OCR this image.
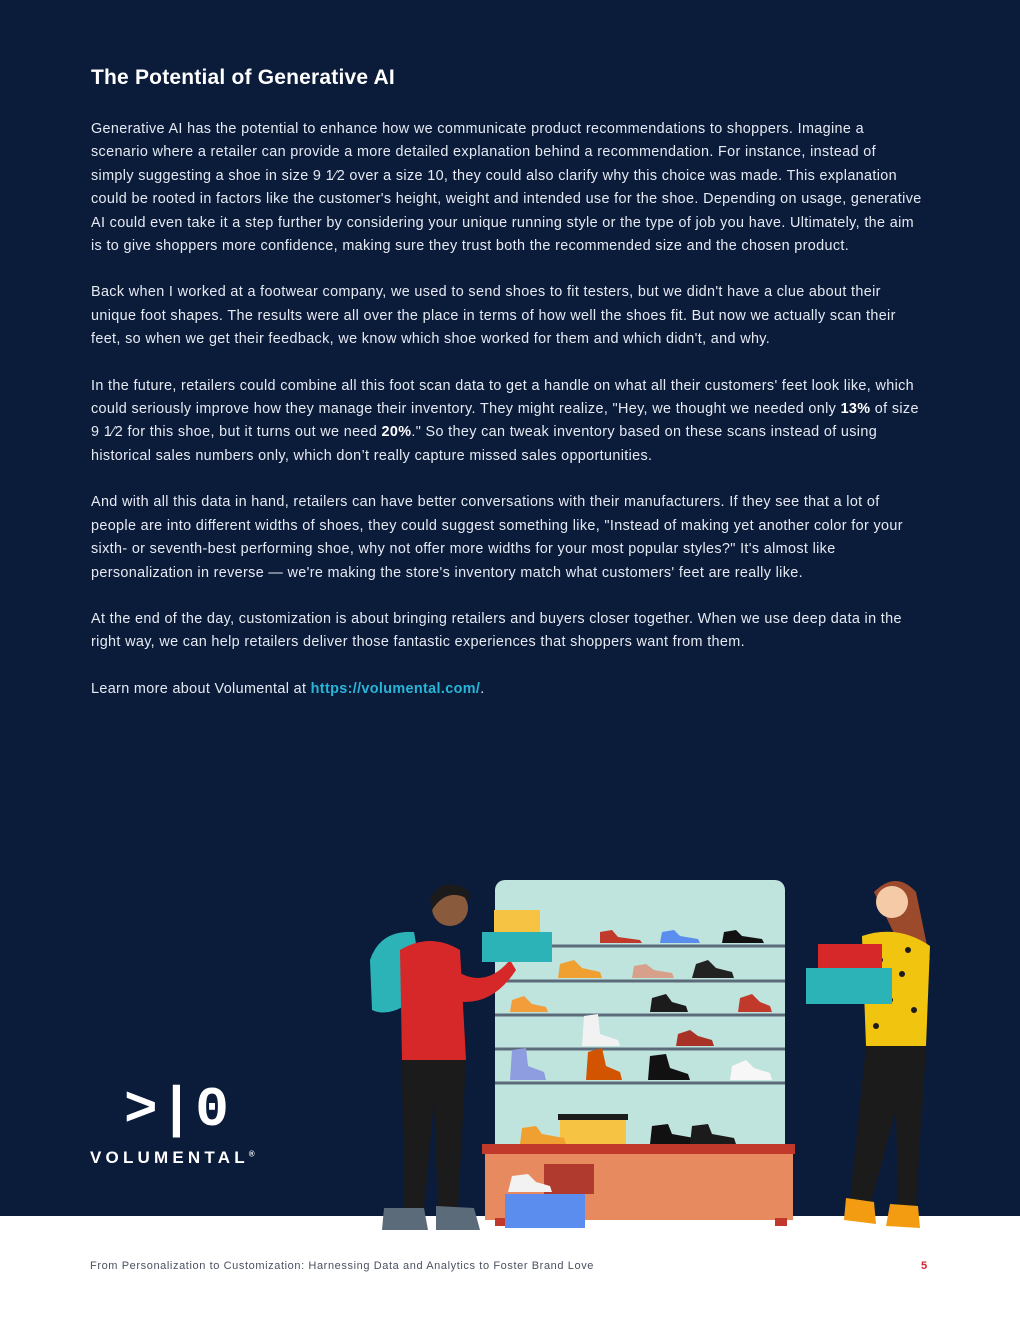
The Potential of Generative AI

Generative AI has the potential to enhance how we communicate product recommendations to shoppers. Imagine a scenario where a retailer can provide a more detailed explanation behind a recommendation. For instance, instead of simply suggesting a shoe in size 9 1⁄2 over a size 10, they could also clarify why this choice was made. This explanation could be rooted in factors like the customer's height, weight and intended use for the shoe. Depending on usage, generative AI could even take it a step further by considering your unique running style or the type of job you have. Ultimately, the aim is to give shoppers more confidence, making sure they trust both the recommended size and the chosen product.

Back when I worked at a footwear company, we used to send shoes to fit testers, but we didn't have a clue about their unique foot shapes. The results were all over the place in terms of how well the shoes fit. But now we actually scan their feet, so when we get their feedback, we know which shoe worked for them and which didn't, and why.

In the future, retailers could combine all this foot scan data to get a handle on what all their customers' feet look like, which could seriously improve how they manage their inventory. They might realize, "Hey, we thought we needed only 13% of size 9 1⁄2 for this shoe, but it turns out we need 20%." So they can tweak inventory based on these scans instead of using historical sales numbers only, which don’t really capture missed sales opportunities.

And with all this data in hand, retailers can have better conversations with their manufacturers. If they see that a lot of people are into different widths of shoes, they could suggest something like, "Instead of making yet another color for your sixth- or seventh-best performing shoe, why not offer more widths for your most popular styles?" It's almost like personalization in reverse — we're making the store's inventory match what customers' feet are really like.

At the end of the day, customization is about bringing retailers and buyers closer together. When we use deep data in the right way, we can help retailers deliver those fantastic experiences that shoppers want from them.

Learn more about Volumental at https://volumental.com/.

>|0
VOLUMENTAL®
From Personalization to Customization: Harnessing Data and Analytics to Foster Brand Love	5
